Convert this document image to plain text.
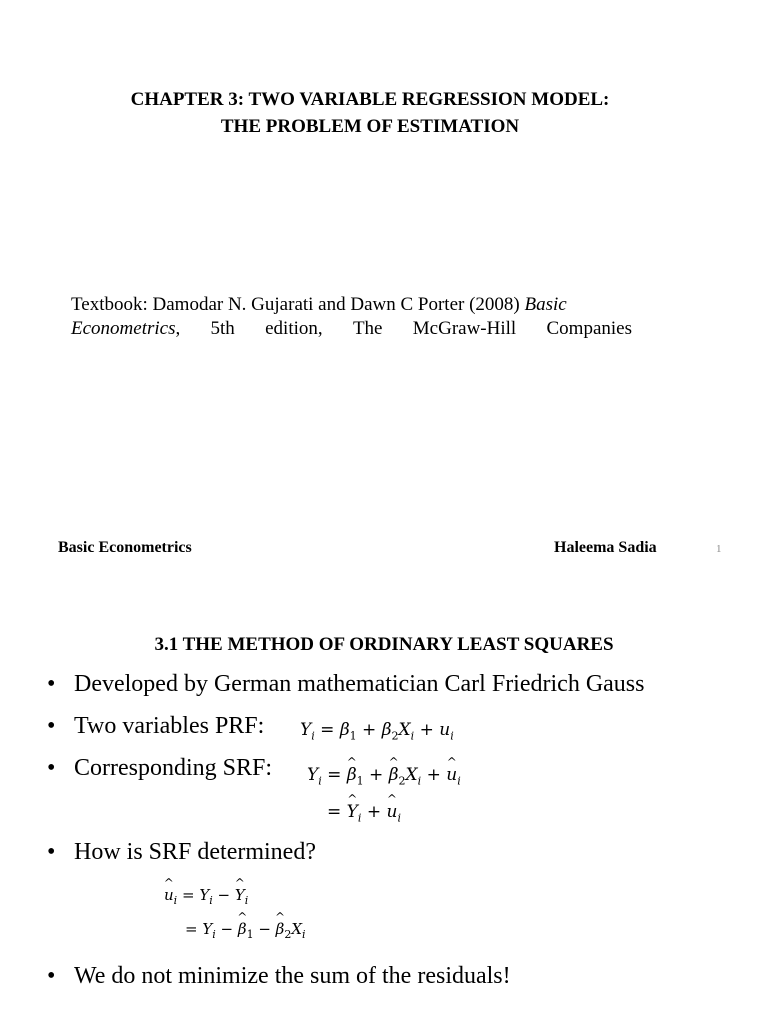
CHAPTER 3: TWO VARIABLE REGRESSION MODEL:
THE PROBLEM OF ESTIMATION
Textbook: Damodar N. Gujarati and Dawn C Porter (2008) Basic
Econometrics, 5th edition, The McGraw-Hill Companies
Basic Econometrics	Haleema Sadia	1
3.1 THE METHOD OF ORDINARY LEAST SQUARES
• Developed by German mathematician Carl Friedrich Gauss
• Two variables PRF: $Y_i = \beta_1 + \beta_2X_i + u_i$
• Corresponding SRF: $Y_i = \beta$ $\^{}_1 + \beta$ $\^{}_2X_i + u$ $\^{}_i$
= Y $\^{}_i + u$ $\^{}_i$
• How is SRF determined?
u $\^{}_i = Y_i - Y$ $\^{}_i$
= $Y_i - \beta$ $\^{}_1 - \beta$ $\^{}_2X_i$
• We do not minimize the sum of the residuals!
